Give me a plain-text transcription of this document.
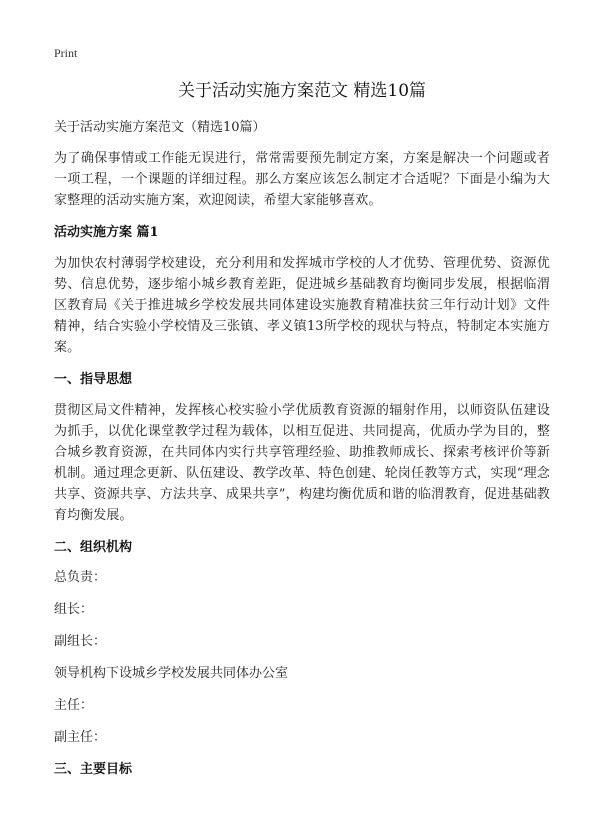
Print
关于活动实施方案范文 精选10篇
关于活动实施方案范文（精选10篇）

为了确保事情或工作能无误进行，常常需要预先制定方案，方案是解决一个问题或者一项工程，一个课题的详细过程。那么方案应该怎么制定才合适呢？下面是小编为大家整理的活动实施方案，欢迎阅读，希望大家能够喜欢。

活动实施方案 篇1

为加快农村薄弱学校建设，充分利用和发挥城市学校的人才优势、管理优势、资源优势、信息优势，逐步缩小城乡教育差距，促进城乡基础教育均衡同步发展，根据临渭区教育局《关于推进城乡学校发展共同体建设实施教育精准扶贫三年行动计划》文件精神，结合实验小学校情及三张镇、孝义镇13所学校的现状与特点，特制定本实施方案。

一、指导思想

贯彻区局文件精神，发挥核心校实验小学优质教育资源的辐射作用，以师资队伍建设为抓手，以优化课堂教学过程为载体，以相互促进、共同提高，优质办学为目的，整合城乡教育资源，在共同体内实行共享管理经验、助推教师成长、探索考核评价等新机制。通过理念更新、队伍建设、教学改革、特色创建、轮岗任教等方式，实现“理念共享、资源共享、方法共享、成果共享”，构建均衡优质和谐的临渭教育，促进基础教育均衡发展。

二、组织机构
总负责：
组长：
副组长：
领导机构下设城乡学校发展共同体办公室
主任：
副主任：
三、主要目标
